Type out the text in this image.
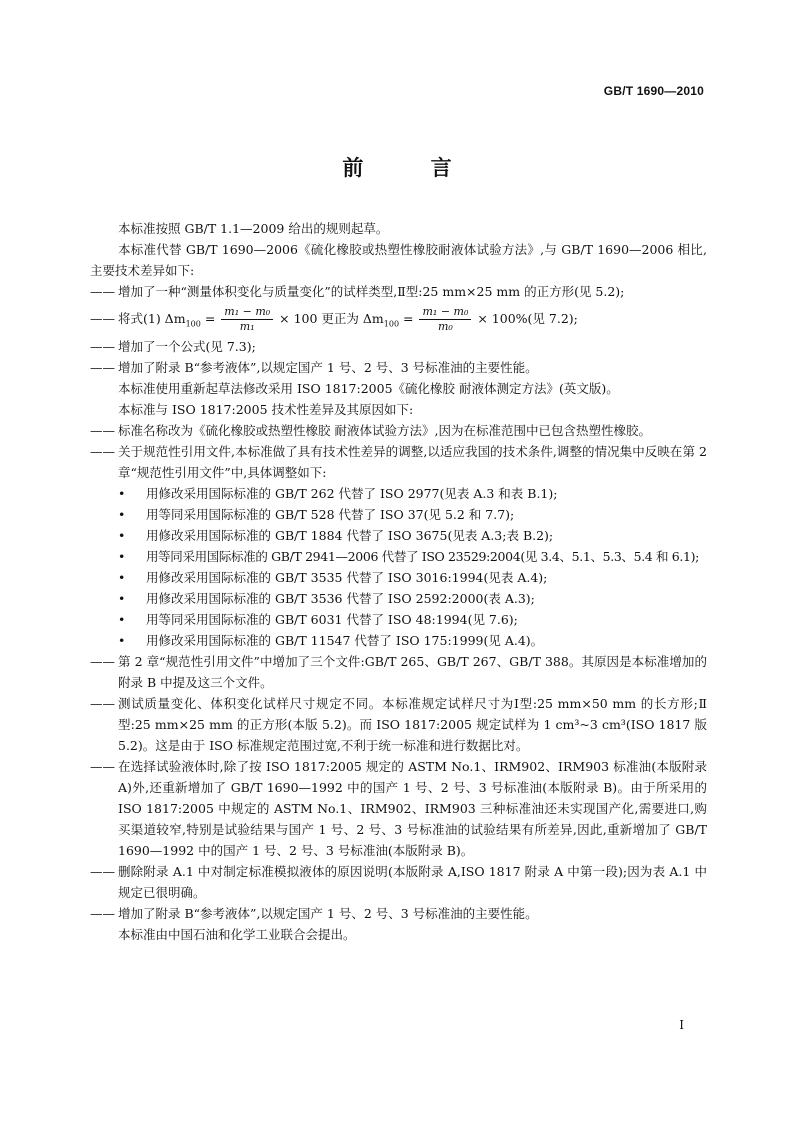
GB/T 1690—2010
前 言

本标准按照 GB/T 1.1—2009 给出的规则起草。

本标准代替 GB/T 1690—2006《硫化橡胶或热塑性橡胶耐液体试验方法》,与 GB/T 1690—2006 相比,主要技术差异如下:

—— 增加了一种“测量体积变化与质量变化”的试样类型,Ⅱ型:25 mm×25 mm 的正方形(见 5.2);

—— 将式(1) $\Delta m_{100} = \frac{\text{m₁ − m₀}}{\text{m₁}} \times 100$ 更正为 $\Delta m_{100} = \frac{\text{m₁ − m₀}}{\text{m₀}} \times 100\%$(见 7.2);

—— 增加了一个公式(见 7.3);

—— 增加了附录 B“参考液体”,以规定国产 1 号、2 号、3 号标准油的主要性能。

本标准使用重新起草法修改采用 ISO 1817:2005《硫化橡胶 耐液体测定方法》(英文版)。

本标准与 ISO 1817:2005 技术性差异及其原因如下:

—— 标准名称改为《硫化橡胶或热塑性橡胶 耐液体试验方法》,因为在标准范围中已包含热塑性橡胶。

—— 关于规范性引用文件,本标准做了具有技术性差异的调整,以适应我国的技术条件,调整的情况集中反映在第 2 章“规范性引用文件”中,具体调整如下:

• 用修改采用国际标准的 GB/T 262 代替了 ISO 2977(见表 A.3 和表 B.1);

• 用等同采用国际标准的 GB/T 528 代替了 ISO 37(见 5.2 和 7.7);

• 用修改采用国际标准的 GB/T 1884 代替了 ISO 3675(见表 A.3;表 B.2);

• 用等同采用国际标准的 GB/T 2941—2006 代替了 ISO 23529:2004(见 3.4、5.1、5.3、5.4 和 6.1);

• 用修改采用国际标准的 GB/T 3535 代替了 ISO 3016:1994(见表 A.4);

• 用修改采用国际标准的 GB/T 3536 代替了 ISO 2592:2000(表 A.3);

• 用等同采用国际标准的 GB/T 6031 代替了 ISO 48:1994(见 7.6);

• 用修改采用国际标准的 GB/T 11547 代替了 ISO 175:1999(见 A.4)。

—— 第 2 章“规范性引用文件”中增加了三个文件:GB/T 265、GB/T 267、GB/T 388。其原因是本标准增加的附录 B 中提及这三个文件。

—— 测试质量变化、体积变化试样尺寸规定不同。本标准规定试样尺寸为Ⅰ型:25 mm×50 mm 的长方形;Ⅱ型:25 mm×25 mm 的正方形(本版 5.2)。而 ISO 1817:2005 规定试样为 1 cm³~3 cm³(ISO 1817 版 5.2)。这是由于 ISO 标准规定范围过宽,不利于统一标准和进行数据比对。

—— 在选择试验液体时,除了按 ISO 1817:2005 规定的 ASTM No.1、IRM902、IRM903 标准油(本版附录 A)外,还重新增加了 GB/T 1690—1992 中的国产 1 号、2 号、3 号标准油(本版附录 B)。由于所采用的 ISO 1817:2005 中规定的 ASTM No.1、IRM902、IRM903 三种标准油还未实现国产化,需要进口,购买渠道较窄,特别是试验结果与国产 1 号、2 号、3 号标准油的试验结果有所差异,因此,重新增加了 GB/T 1690—1992 中的国产 1 号、2 号、3 号标准油(本版附录 B)。

—— 删除附录 A.1 中对制定标准模拟液体的原因说明(本版附录 A,ISO 1817 附录 A 中第一段);因为表 A.1 中规定已很明确。

—— 增加了附录 B“参考液体”,以规定国产 1 号、2 号、3 号标准油的主要性能。

本标准由中国石油和化学工业联合会提出。

I
